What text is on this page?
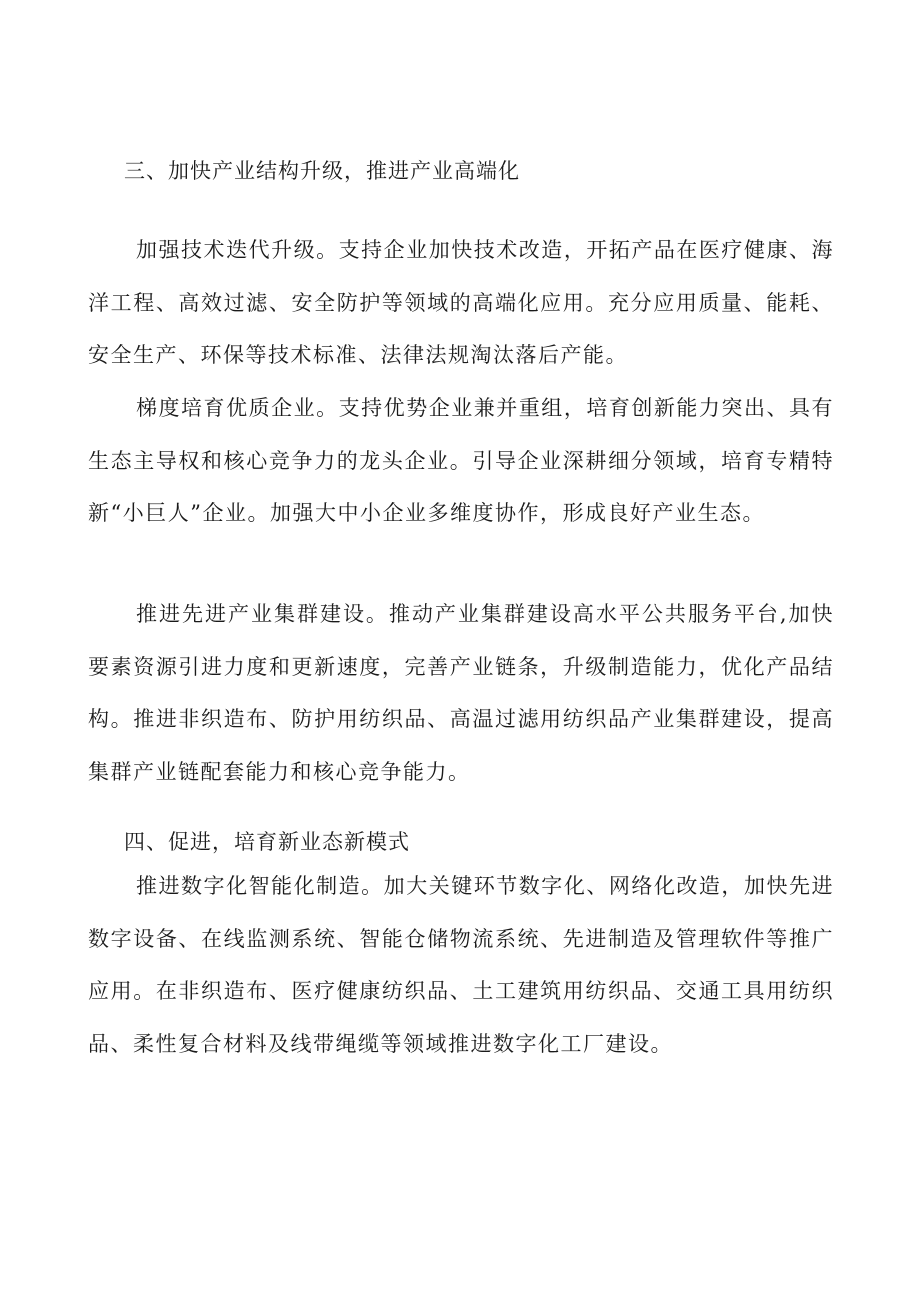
三、加快产业结构升级，推进产业高端化

加强技术迭代升级。支持企业加快技术改造，开拓产品在医疗健康、海洋工程、高效过滤、安全防护等领域的高端化应用。充分应用质量、能耗、安全生产、环保等技术标准、法律法规淘汰落后产能。

梯度培育优质企业。支持优势企业兼并重组，培育创新能力突出、具有生态主导权和核心竞争力的龙头企业。引导企业深耕细分领域，培育专精特新“小巨人”企业。加强大中小企业多维度协作，形成良好产业生态。

推进先进产业集群建设。推动产业集群建设高水平公共服务平台,加快要素资源引进力度和更新速度，完善产业链条，升级制造能力，优化产品结构。推进非织造布、防护用纺织品、高温过滤用纺织品产业集群建设，提高集群产业链配套能力和核心竞争能力。

四、促进，培育新业态新模式

推进数字化智能化制造。加大关键环节数字化、网络化改造，加快先进数字设备、在线监测系统、智能仓储物流系统、先进制造及管理软件等推广应用。在非织造布、医疗健康纺织品、土工建筑用纺织品、交通工具用纺织品、柔性复合材料及线带绳缆等领域推进数字化工厂建设。
